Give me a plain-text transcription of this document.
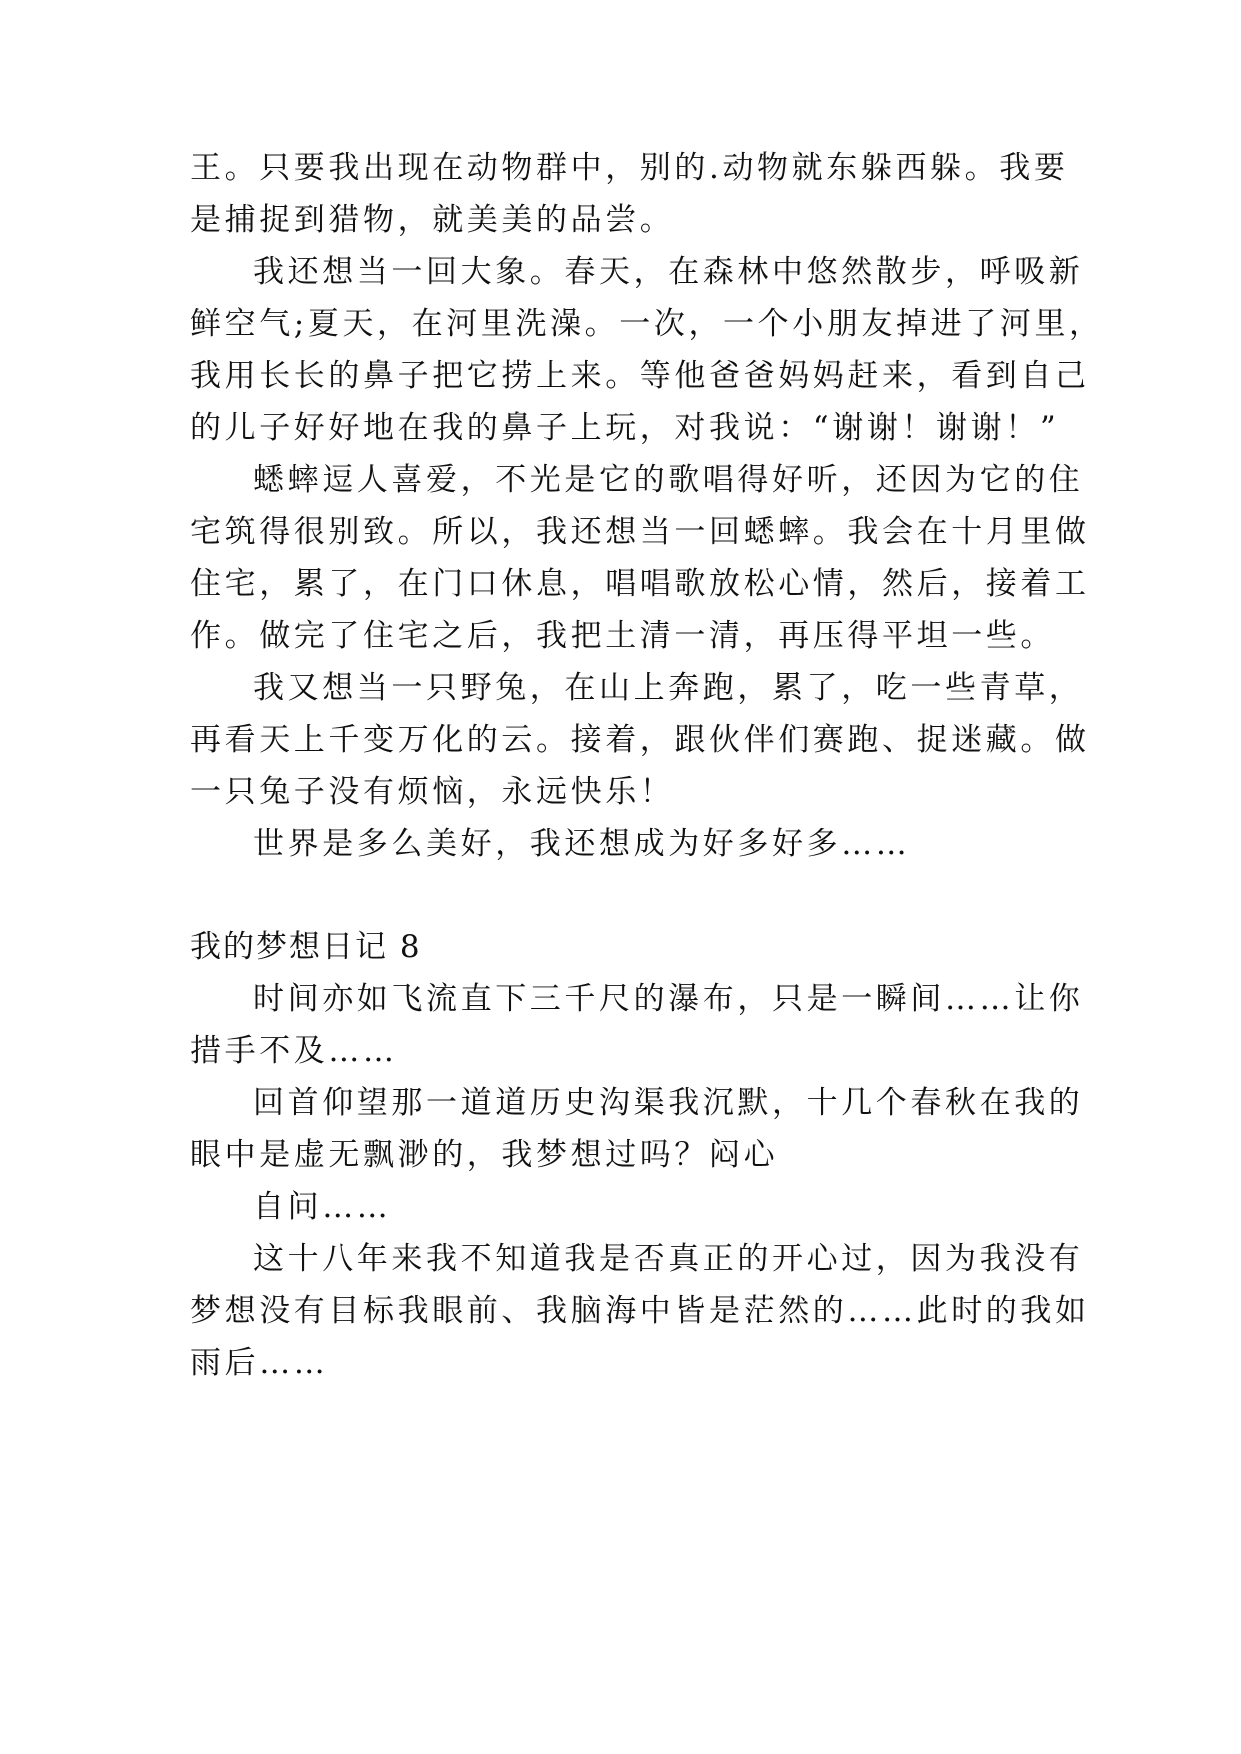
王。只要我出现在动物群中，别的.动物就东躲西躲。我要
是捕捉到猎物，就美美的品尝。
我还想当一回大象。春天，在森林中悠然散步，呼吸新
鲜空气;夏天，在河里洗澡。一次，一个小朋友掉进了河里，
我用长长的鼻子把它捞上来。等他爸爸妈妈赶来，看到自己
的儿子好好地在我的鼻子上玩，对我说：“谢谢！谢谢！”
蟋蟀逗人喜爱，不光是它的歌唱得好听，还因为它的住
宅筑得很别致。所以，我还想当一回蟋蟀。我会在十月里做
住宅，累了，在门口休息，唱唱歌放松心情，然后，接着工
作。做完了住宅之后，我把土清一清，再压得平坦一些。
我又想当一只野兔，在山上奔跑，累了，吃一些青草，
再看天上千变万化的云。接着，跟伙伴们赛跑、捉迷藏。做
一只兔子没有烦恼，永远快乐！
世界是多么美好，我还想成为好多好多……
我的梦想日记 8
时间亦如飞流直下三千尺的瀑布，只是一瞬间……让你
措手不及……
回首仰望那一道道历史沟渠我沉默，十几个春秋在我的
眼中是虚无飘渺的，我梦想过吗？闷心
自问……
这十八年来我不知道我是否真正的开心过，因为我没有
梦想没有目标我眼前、我脑海中皆是茫然的……此时的我如
雨后……
